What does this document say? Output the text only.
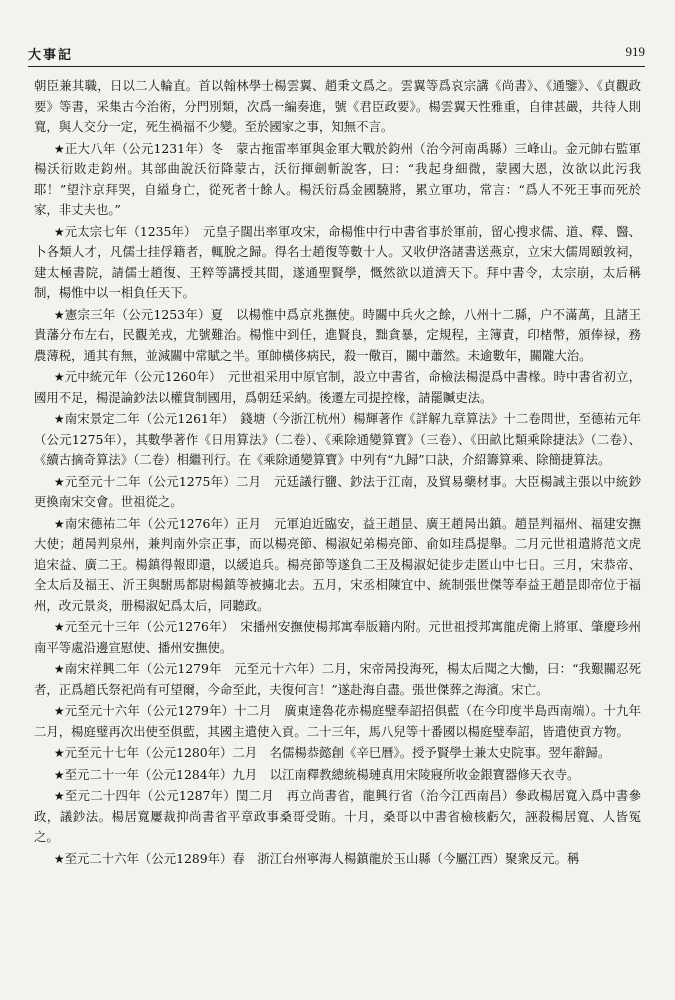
大事記	919

朝臣兼其職，日以二人輪直。首以翰林學士楊雲翼、趙秉文爲之。雲翼等爲哀宗講《尚書》、《通鑒》、《貞觀政要》等書，采集古今治術，分門別類，次爲一編奏進，號《君臣政要》。楊雲翼天性雅重，自律甚嚴，共待人則寬，與人交分一定，死生禍福不少變。至於國家之事，知無不言。

★正大八年（公元1231年）冬　蒙古拖雷率軍與金軍大戰於鈞州（治今河南禹縣）三峰山。金元帥右監軍楊沃衍敗走鈞州。其部曲說沃衍降蒙古，沃衍揮劍斬說客，曰：“我起身細微，蒙國大恩，汝欲以此污我耶！”望汴京拜哭，自縊身亡，從死者十餘人。楊沃衍爲金國驍將，累立軍功，常言：“爲人不死王事而死於家，非丈夫也。”

★元太宗七年（1235年）　元皇子闊出率軍攻宋，命楊惟中行中書省事於軍前，留心搜求儒、道、釋、醫、卜各類人才，凡儒士挂俘籍者，輒脫之歸。得名士趙復等數十人。又收伊洛諸書送燕京，立宋大儒周頤敦祠，建太極書院，請儒士趙復、王粹等講授其間，遂通聖賢學，慨然欲以道濟天下。拜中書令，太宗崩，太后稱制，楊惟中以一相負任天下。

★憲宗三年（公元1253年）夏　以楊惟中爲京兆撫使。時關中兵火之餘，八州十二縣，户不滿萬，且諸王貴藩分布左右，民觀羌戎，尤號難治。楊惟中到任，進賢良，黜貪暴，定規程，主簿責，印楮幣，頒俸禄，務農薄税，通其有無，並減關中常賦之半。軍帥橫侈病民，殺一儆百，關中蕭然。未逾數年，關隴大治。

★元中統元年（公元1260年）　元世祖采用中原官制，設立中書省，命檢法楊湜爲中書椽。時中書省初立，國用不足，楊湜論鈔法以權貨制國用，爲朝廷采納。後遷左司提控椽，請罷贓吏法。

★南宋景定二年（公元1261年）　錢塘（今浙江杭州）楊輝著作《詳解九章算法》十二卷問世，至德祐元年（公元1275年），其數學著作《日用算法》（二卷）、《乘除通變算寶》（三卷）、《田畝比類乘除捷法》（二卷）、《續古摘奇算法》（二卷）相繼刊行。在《乘除通變算寶》中列有“九歸”口訣，介紹籌算乘、除簡捷算法。

★元至元十二年（公元1275年）二月　元廷議行鹽、鈔法于江南，及貿易藥材事。大臣楊誠主張以中統鈔更換南宋交會。世祖從之。

★南宋德祐二年（公元1276年）正月　元軍迫近臨安，益王趙昰、廣王趙昺出鎮。趙昰判福州、福建安撫大使；趙昺判泉州，兼判南外宗正事，而以楊亮節、楊淑妃弟楊亮節、俞如珪爲提舉。二月元世祖遣將范文虎追宋益、廣二王。楊鎮得報即還，以緩追兵。楊亮節等遂負二王及楊淑妃徒步走匿山中七日。三月，宋恭帝、全太后及福王、沂王與駙馬都尉楊鎮等被擄北去。五月，宋丞相陳宜中、統制張世傑等奉益王趙昰即帝位于福州，改元景炎，册楊淑妃爲太后，同聽政。

★元至元十三年（公元1276年）　宋播州安撫使楊邦寓奉版籍内附。元世祖授邦寓龍虎衛上將軍、肇慶珍州南平等處沿邊宣慰使、播州安撫使。

★南宋祥興二年（公元1279年　元至元十六年）二月，宋帝昺投海死，楊太后聞之大慟，曰：“我艱關忍死者，正爲趙氏祭祀尚有可望爾，今命至此，夫復何言！”遂赴海自盡。張世傑葬之海濱。宋亡。

★元至元十六年（公元1279年）十二月　廣東達魯花赤楊庭璧奉詔招俱藍（在今印度半島西南端）。十九年二月，楊庭璧再次出使至俱藍，其國主遣使入貢。二十三年，馬八兒等十番國以楊庭璧奉詔，皆遣使貢方物。

★元至元十七年（公元1280年）二月　名儒楊恭懿創《辛巳曆》。授予賢學士兼太史院事。翌年辭歸。

★至元二十一年（公元1284年）九月　以江南釋教總統楊璉真用宋陵寢所收金銀寶器修天衣寺。

★至元二十四年（公元1287年）閏二月　再立尚書省，龍興行省（治今江西南昌）參政楊居寬入爲中書參政，議鈔法。楊居寬屢裁抑尚書省平章政事桑哥受賄。十月，桑哥以中書省檢核虧欠，誣殺楊居寬、人皆冤之。

★至元二十六年（公元1289年）春　浙江台州寧海人楊鎮龍於玉山縣（今屬江西）聚衆反元。稱
